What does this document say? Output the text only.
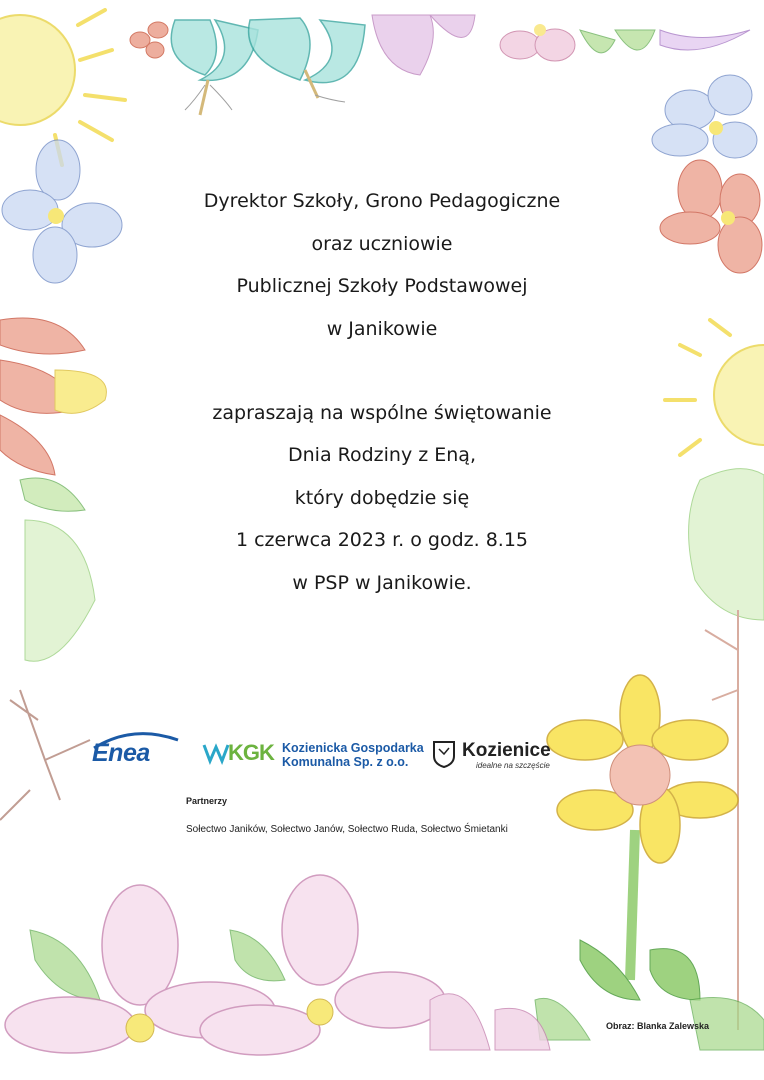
Dyrektor Szkoły, Grono Pedagogiczne
oraz uczniowie
Publicznej Szkoły Podstawowej
w Janikowie
zapraszają na wspólne świętowanie
Dnia Rodziny z Eną,
który dobędzie się
1 czerwca 2023 r. o godz. 8.15
w PSP w Janikowie.
Enea	KGK Kozienicka Gospodarka
Komunalna Sp. z o.o.
Kozienice
idealne na szczęście
Partnerzy
Sołectwo Janików, Sołectwo Janów, Sołectwo Ruda, Sołectwo Śmietanki
Obraz: Blanka Zalewska
